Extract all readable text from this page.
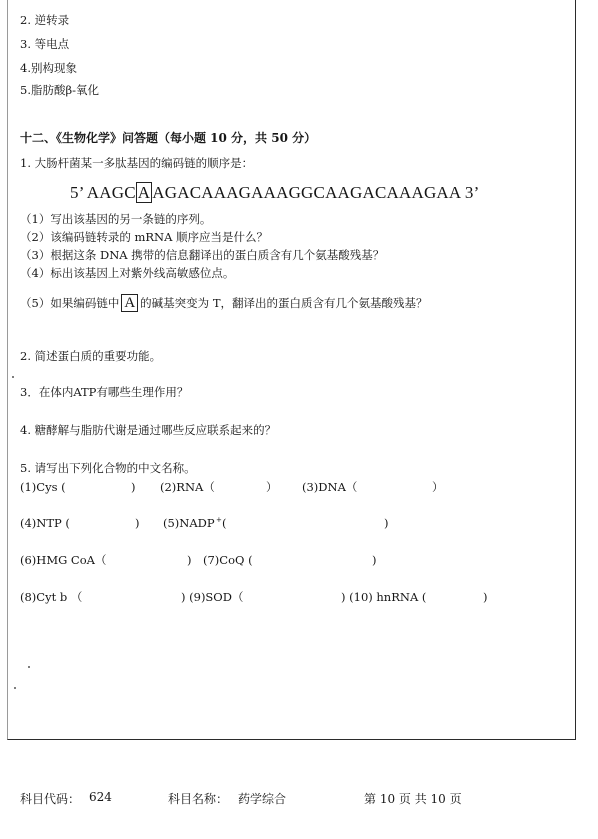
2. 逆转录
3. 等电点
4.别构现象
5.脂肪酸β-氧化
十二、《生物化学》问答题（每小题 10 分，共 50 分）
1. 大肠杆菌某一多肽基因的编码链的顺序是：
5’ AAGC A AGACAAAGAAAGGCAAGACAAAGAA 3’
（1）写出该基因的另一条链的序列。
（2）该编码链转录的 mRNA 顺序应当是什么？
（3）根据这条 DNA 携带的信息翻译出的蛋白质含有几个氨基酸残基？
（4）标出该基因上对紫外线高敏感位点。
（5）如果编码链中 A 的碱基突变为 T，翻译出的蛋白质含有几个氨基酸残基？
2. 简述蛋白质的重要功能。
3．在体内ATP有哪些生理作用？
4. 糖酵解与脂肪代谢是通过哪些反应联系起来的？
5. 请写出下列化合物的中文名称。
(1)Cys (	) (2)RNA（	） (3)DNA（	）
(4)NTP (	) (5)NADP + (	)
(6)HMG CoA（	) (7)CoQ (	)
(8)Cyt b （	) (9)SOD（	) (10) hnRNA (	)
科目代码： 624	科目名称： 药学综合	第 10 页 共 10 页
